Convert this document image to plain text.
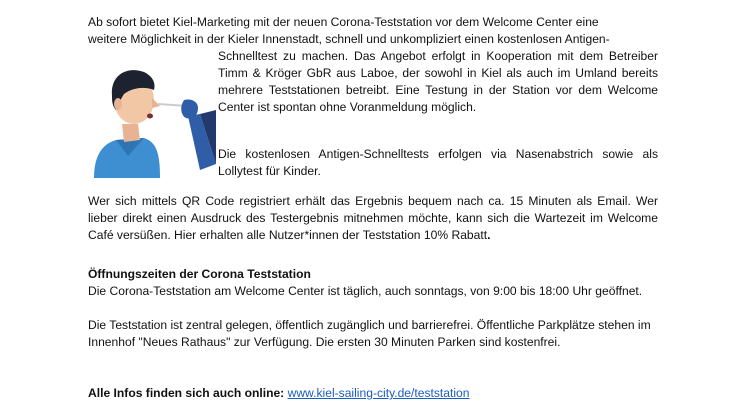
Ab sofort bietet Kiel-Marketing mit der neuen Corona-Teststation vor dem Welcome Center eine

weitere Möglichkeit in der Kieler Innenstadt, schnell und unkompliziert einen kostenlosen Antigen-

Schnelltest zu machen. Das Angebot erfolgt in Kooperation mit dem Betreiber Timm & Kröger GbR aus Laboe, der sowohl in Kiel als auch im Umland bereits mehrere Teststationen betreibt. Eine Testung in der Station vor dem Welcome Center ist spontan ohne Voranmeldung möglich.

Die kostenlosen Antigen-Schnelltests erfolgen via Nasenabstrich sowie als Lollytest für Kinder.

Wer sich mittels QR Code registriert erhält das Ergebnis bequem nach ca. 15 Minuten als Email. Wer lieber direkt einen Ausdruck des Testergebnis mitnehmen möchte, kann sich die Wartezeit im Welcome Café versüßen. Hier erhalten alle Nutzer*innen der Teststation 10% Rabatt.

Öffnungszeiten der Corona Teststation

Die Corona-Teststation am Welcome Center ist täglich, auch sonntags, von 9:00 bis 18:00 Uhr geöffnet.

Die Teststation ist zentral gelegen, öffentlich zugänglich und barrierefrei. Öffentliche Parkplätze stehen im Innenhof "Neues Rathaus" zur Verfügung. Die ersten 30 Minuten Parken sind kostenfrei.

Alle Infos finden sich auch online: www.kiel-sailing-city.de/teststation
